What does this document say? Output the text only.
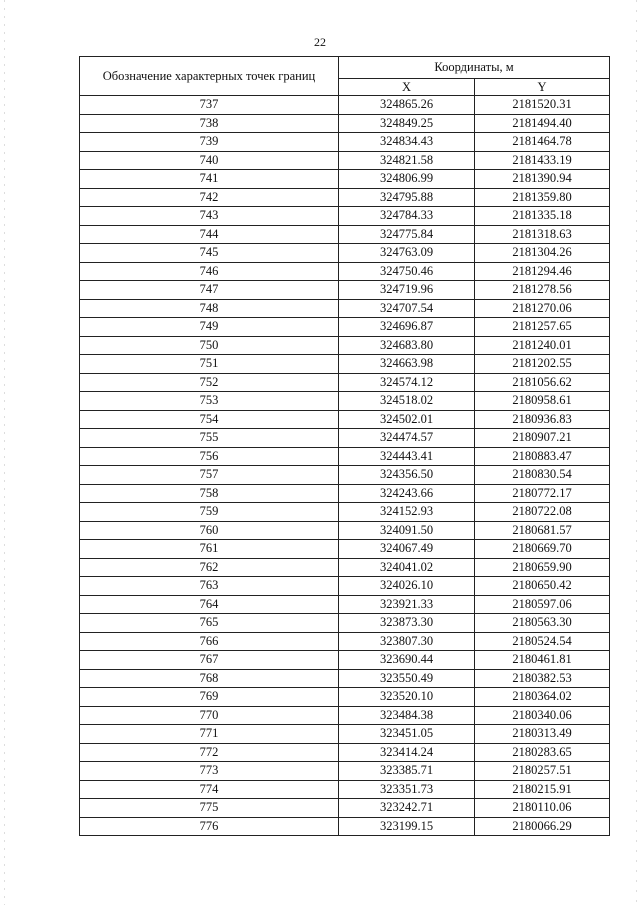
22
Обозначение характерных точек границ	Координаты, м	
	X	Y
737	324865.26	2181520.31
738	324849.25	2181494.40
739	324834.43	2181464.78
740	324821.58	2181433.19
741	324806.99	2181390.94
742	324795.88	2181359.80
743	324784.33	2181335.18
744	324775.84	2181318.63
745	324763.09	2181304.26
746	324750.46	2181294.46
747	324719.96	2181278.56
748	324707.54	2181270.06
749	324696.87	2181257.65
750	324683.80	2181240.01
751	324663.98	2181202.55
752	324574.12	2181056.62
753	324518.02	2180958.61
754	324502.01	2180936.83
755	324474.57	2180907.21
756	324443.41	2180883.47
757	324356.50	2180830.54
758	324243.66	2180772.17
759	324152.93	2180722.08
760	324091.50	2180681.57
761	324067.49	2180669.70
762	324041.02	2180659.90
763	324026.10	2180650.42
764	323921.33	2180597.06
765	323873.30	2180563.30
766	323807.30	2180524.54
767	323690.44	2180461.81
768	323550.49	2180382.53
769	323520.10	2180364.02
770	323484.38	2180340.06
771	323451.05	2180313.49
772	323414.24	2180283.65
773	323385.71	2180257.51
774	323351.73	2180215.91
775	323242.71	2180110.06
776	323199.15	2180066.29
